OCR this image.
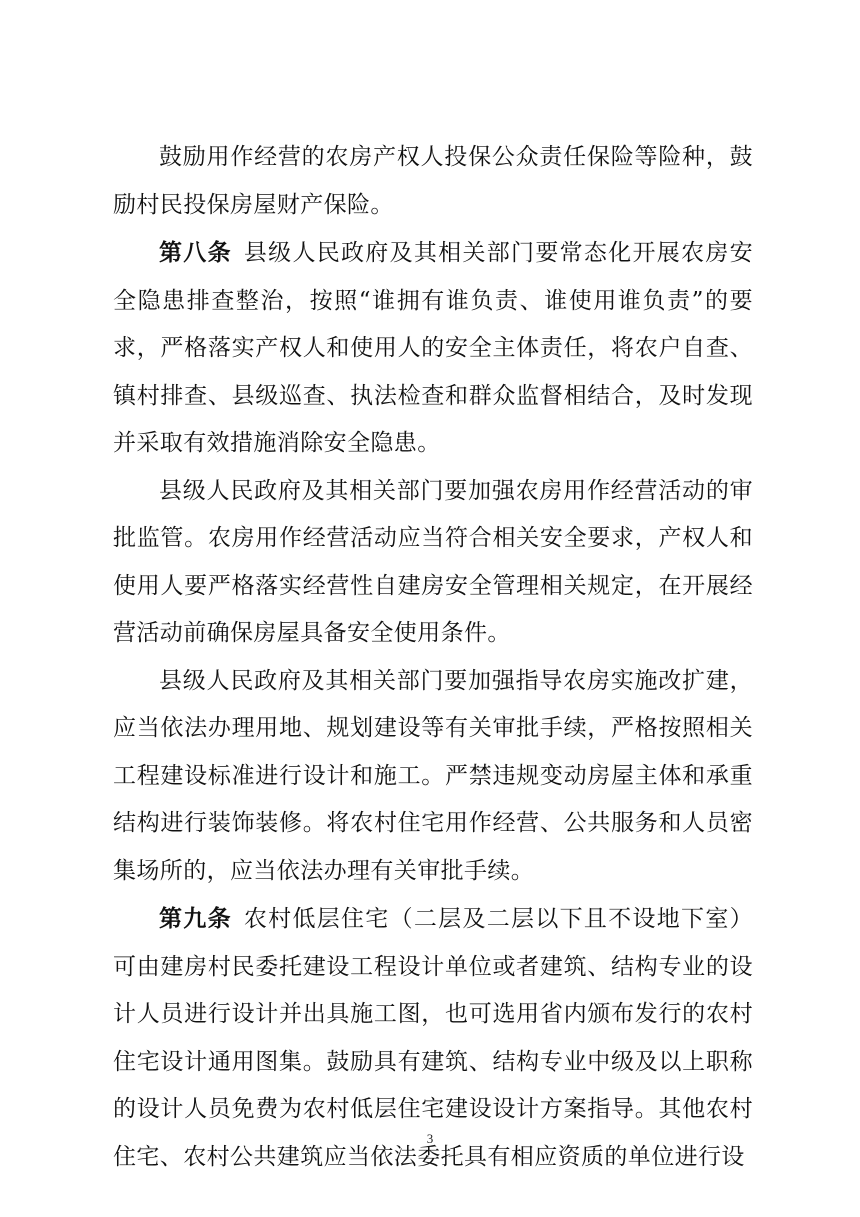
鼓励用作经营的农房产权人投保公众责任保险等险种，鼓励村民投保房屋财产保险。

第八条 县级人民政府及其相关部门要常态化开展农房安全隐患排查整治，按照“谁拥有谁负责、谁使用谁负责”的要求，严格落实产权人和使用人的安全主体责任，将农户自查、镇村排查、县级巡查、执法检查和群众监督相结合，及时发现并采取有效措施消除安全隐患。

县级人民政府及其相关部门要加强农房用作经营活动的审批监管。农房用作经营活动应当符合相关安全要求，产权人和使用人要严格落实经营性自建房安全管理相关规定，在开展经营活动前确保房屋具备安全使用条件。

县级人民政府及其相关部门要加强指导农房实施改扩建，应当依法办理用地、规划建设等有关审批手续，严格按照相关工程建设标准进行设计和施工。严禁违规变动房屋主体和承重结构进行装饰装修。将农村住宅用作经营、公共服务和人员密集场所的，应当依法办理有关审批手续。

第九条 农村低层住宅（二层及二层以下且不设地下室）可由建房村民委托建设工程设计单位或者建筑、结构专业的设计人员进行设计并出具施工图，也可选用省内颁布发行的农村住宅设计通用图集。鼓励具有建筑、结构专业中级及以上职称的设计人员免费为农村低层住宅建设设计方案指导。其他农村住宅、农村公共建筑应当依法委托具有相应资质的单位进行设

3
